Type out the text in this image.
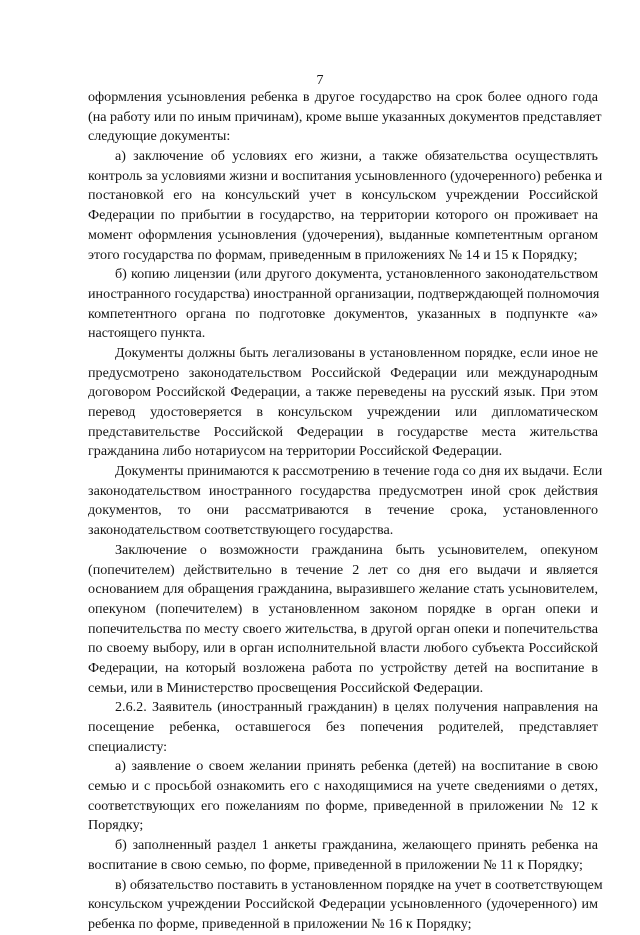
7
оформления усыновления ребенка в другое государство на срок более одного года
(на работу или по иным причинам), кроме выше указанных документов представляет
следующие документы:
а) заключение об условиях его жизни, а также обязательства осуществлять
контроль за условиями жизни и воспитания усыновленного (удочеренного) ребенка и
постановкой его на консульский учет в консульском учреждении Российской
Федерации по прибытии в государство, на территории которого он проживает на
момент оформления усыновления (удочерения), выданные компетентным органом
этого государства по формам, приведенным в приложениях № 14 и 15 к Порядку;
б) копию лицензии (или другого документа, установленного законодательством
иностранного государства) иностранной организации, подтверждающей полномочия
компетентного органа по подготовке документов, указанных в подпункте «а»
настоящего пункта.
Документы должны быть легализованы в установленном порядке, если иное не
предусмотрено законодательством Российской Федерации или международным
договором Российской Федерации, а также переведены на русский язык. При этом
перевод удостоверяется в консульском учреждении или дипломатическом
представительстве Российской Федерации в государстве места жительства
гражданина либо нотариусом на территории Российской Федерации.
Документы принимаются к рассмотрению в течение года со дня их выдачи. Если
законодательством иностранного государства предусмотрен иной срок действия
документов, то они рассматриваются в течение срока, установленного
законодательством соответствующего государства.
Заключение о возможности гражданина быть усыновителем, опекуном
(попечителем) действительно в течение 2 лет со дня его выдачи и является
основанием для обращения гражданина, выразившего желание стать усыновителем,
опекуном (попечителем) в установленном законом порядке в орган опеки и
попечительства по месту своего жительства, в другой орган опеки и попечительства
по своему выбору, или в орган исполнительной власти любого субъекта Российской
Федерации, на который возложена работа по устройству детей на воспитание в
семьи, или в Министерство просвещения Российской Федерации.
2.6.2. Заявитель (иностранный гражданин) в целях получения направления на
посещение ребенка, оставшегося без попечения родителей, представляет
специалисту:
а) заявление о своем желании принять ребенка (детей) на воспитание в свою
семью и с просьбой ознакомить его с находящимися на учете сведениями о детях,
соответствующих его пожеланиям по форме, приведенной в приложении № 12 к
Порядку;
б) заполненный раздел 1 анкеты гражданина, желающего принять ребенка на
воспитание в свою семью, по форме, приведенной в приложении № 11 к Порядку;
в) обязательство поставить в установленном порядке на учет в соответствующем
консульском учреждении Российской Федерации усыновленного (удочеренного) им
ребенка по форме, приведенной в приложении № 16 к Порядку;
